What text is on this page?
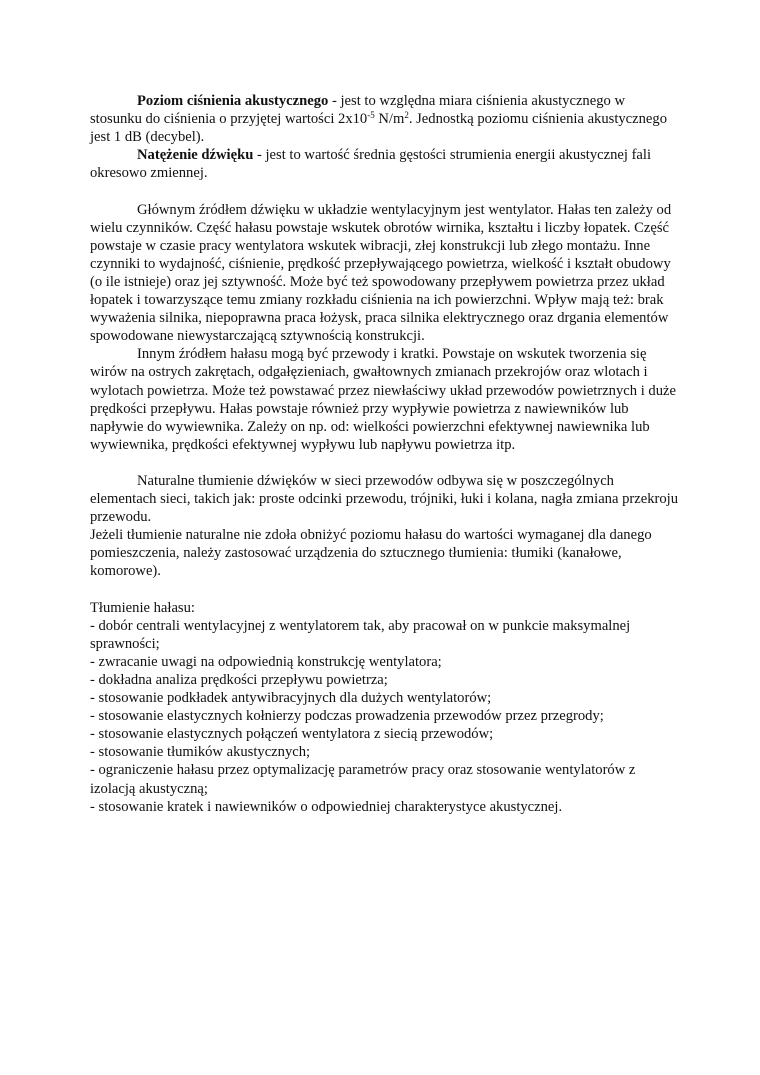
Poziom ciśnienia akustycznego - jest to względna miara ciśnienia akustycznego w stosunku do ciśnienia o przyjętej wartości $2x10^{-5}$ $N/m^2$. Jednostką poziomu ciśnienia akustycznego jest 1 dB (decybel).

Natężenie dźwięku - jest to wartość średnia gęstości strumienia energii akustycznej fali okresowo zmiennej.

Głównym źródłem dźwięku w układzie wentylacyjnym jest wentylator. Hałas ten zależy od wielu czynników. Część hałasu powstaje wskutek obrotów wirnika, kształtu i liczby łopatek. Część powstaje w czasie pracy wentylatora wskutek wibracji, złej konstrukcji lub złego montażu. Inne czynniki to wydajność, ciśnienie, prędkość przepływającego powietrza, wielkość i kształt obudowy (o ile istnieje) oraz jej sztywność. Może być też spowodowany przepływem powietrza przez układ łopatek i towarzyszące temu zmiany rozkładu ciśnienia na ich powierzchni. Wpływ mają też: brak wyważenia silnika, niepoprawna praca łożysk, praca silnika elektrycznego oraz drgania elementów spowodowane niewystarczającą sztywnością konstrukcji.

Innym źródłem hałasu mogą być przewody i kratki. Powstaje on wskutek tworzenia się wirów na ostrych zakrętach, odgałęzieniach, gwałtownych zmianach przekrojów oraz wlotach i wylotach powietrza. Może też powstawać przez niewłaściwy układ przewodów powietrznych i duże prędkości przepływu. Hałas powstaje również przy wypływie powietrza z nawiewników lub napływie do wywiewnika. Zależy on np. od: wielkości powierzchni efektywnej nawiewnika lub wywiewnika, prędkości efektywnej wypływu lub napływu powietrza itp.

Naturalne tłumienie dźwięków w sieci przewodów odbywa się w poszczególnych elementach sieci, takich jak: proste odcinki przewodu, trójniki, łuki i kolana, nagła zmiana przekroju przewodu.

Jeżeli tłumienie naturalne nie zdoła obniżyć poziomu hałasu do wartości wymaganej dla danego pomieszczenia, należy zastosować urządzenia do sztucznego tłumienia: tłumiki (kanałowe, komorowe).

Tłumienie hałasu:

- dobór centrali wentylacyjnej z wentylatorem tak, aby pracował on w punkcie maksymalnej sprawności;

- zwracanie uwagi na odpowiednią konstrukcję wentylatora;

- dokładna analiza prędkości przepływu powietrza;

- stosowanie podkładek antywibracyjnych dla dużych wentylatorów;

- stosowanie elastycznych kołnierzy podczas prowadzenia przewodów przez przegrody;

- stosowanie elastycznych połączeń wentylatora z siecią przewodów;

- stosowanie tłumików akustycznych;

- ograniczenie hałasu przez optymalizację parametrów pracy oraz stosowanie wentylatorów z izolacją akustyczną;

- stosowanie kratek i nawiewników o odpowiedniej charakterystyce akustycznej.
